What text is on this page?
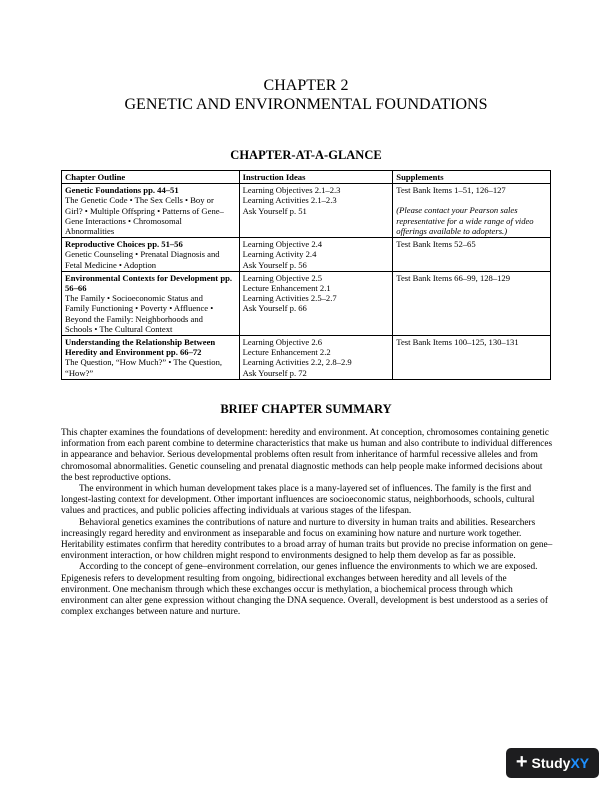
CHAPTER 2
GENETIC AND ENVIRONMENTAL FOUNDATIONS
CHAPTER-AT-A-GLANCE
Chapter Outline	Instruction Ideas	Supplements

Genetic Foundations pp. 44–51
The Genetic Code • The Sex Cells • Boy or
Girl? • Multiple Offspring • Patterns of Gene–
Gene Interactions • Chromosomal
Abnormalities	Learning Objectives 2.1–2.3
Learning Activities 2.1–2.3
Ask Yourself p. 51	Test Bank Items 1–51, 126–127
(Please contact your Pearson sales representative for a wide range of video offerings available to adopters.)

Reproductive Choices pp. 51–56
Genetic Counseling • Prenatal Diagnosis and
Fetal Medicine • Adoption	Learning Objective 2.4
Learning Activity 2.4
Ask Yourself p. 56	Test Bank Items 52–65

Environmental Contexts for Development pp. 56–66
The Family • Socioeconomic Status and
Family Functioning • Poverty • Affluence •
Beyond the Family: Neighborhoods and
Schools • The Cultural Context	Learning Objective 2.5
Lecture Enhancement 2.1
Learning Activities 2.5–2.7
Ask Yourself p. 66	Test Bank Items 66–99, 128–129

Understanding the Relationship Between Heredity and Environment pp. 66–72
The Question, “How Much?” • The Question,
“How?”	Learning Objective 2.6
Lecture Enhancement 2.2
Learning Activities 2.2, 2.8–2.9
Ask Yourself p. 72	Test Bank Items 100–125, 130–131
BRIEF CHAPTER SUMMARY

This chapter examines the foundations of development: heredity and environment. At conception, chromosomes containing genetic information from each parent combine to determine characteristics that make us human and also contribute to individual differences in appearance and behavior. Serious developmental problems often result from inheritance of harmful recessive alleles and from chromosomal abnormalities. Genetic counseling and prenatal diagnostic methods can help people make informed decisions about the best reproductive options.

The environment in which human development takes place is a many-layered set of influences. The family is the first and longest-lasting context for development. Other important influences are socioeconomic status, neighborhoods, schools, cultural values and practices, and public policies affecting individuals at various stages of the lifespan.

Behavioral genetics examines the contributions of nature and nurture to diversity in human traits and abilities. Researchers increasingly regard heredity and environment as inseparable and focus on examining how nature and nurture work together. Heritability estimates confirm that heredity contributes to a broad array of human traits but provide no precise information on gene–environment interaction, or how children might respond to environments designed to help them develop as far as possible.

According to the concept of gene–environment correlation, our genes influence the environments to which we are exposed. Epigenesis refers to development resulting from ongoing, bidirectional exchanges between heredity and all levels of the environment. One mechanism through which these exchanges occur is methylation, a biochemical process through which environment can alter gene expression without changing the DNA sequence. Overall, development is best understood as a series of complex exchanges between nature and nurture.

+ StudyXY
